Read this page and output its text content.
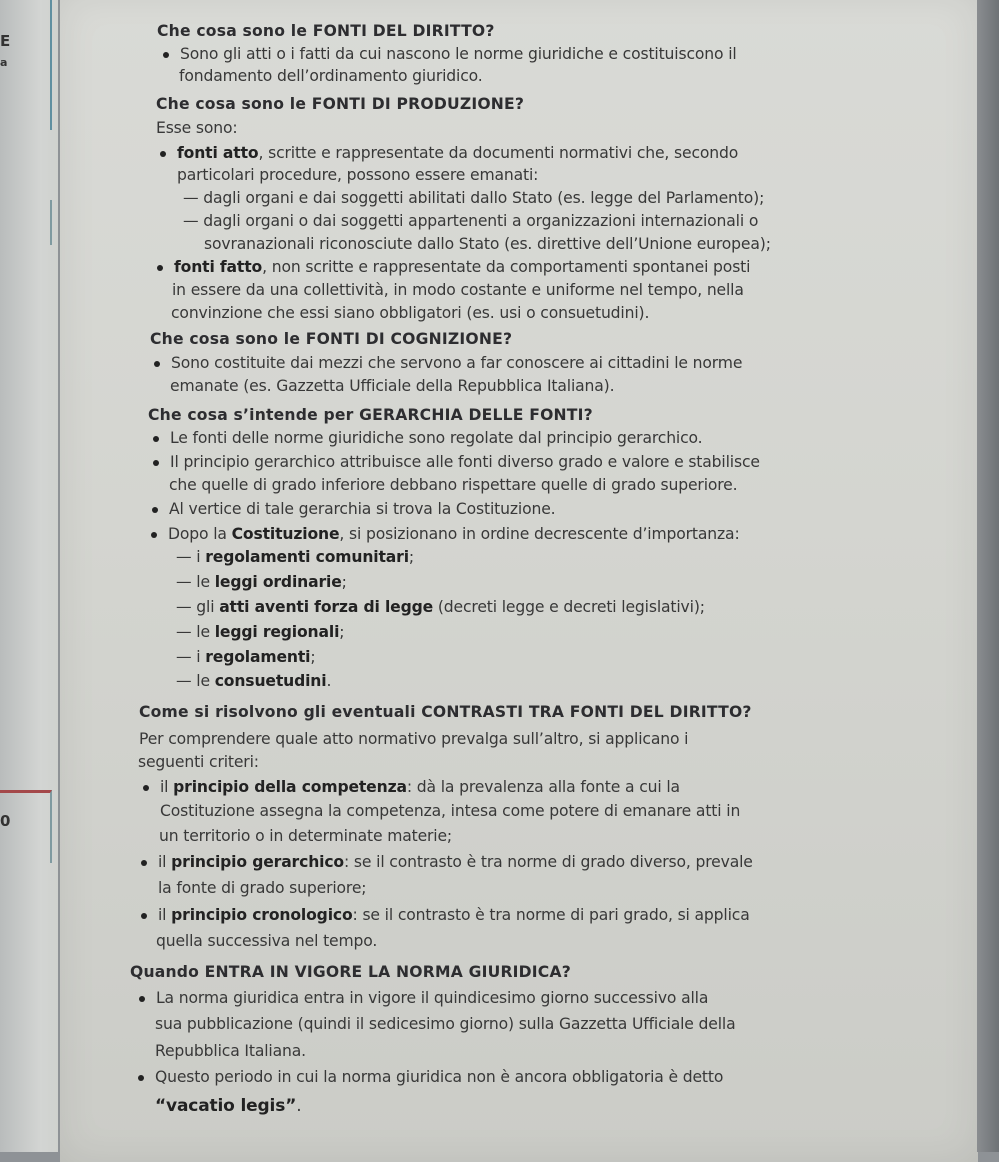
E
a
0
Che cosa sono le FONTI DEL DIRITTO?
Sono gli atti o i fatti da cui nascono le norme giuridiche e costituiscono il
fondamento dell’ordinamento giuridico.
Che cosa sono le FONTI DI PRODUZIONE?
Esse sono:
fonti atto, scritte e rappresentate da documenti normativi che, secondo
particolari procedure, possono essere emanati:
— dagli organi e dai soggetti abilitati dallo Stato (es. legge del Parlamento);
— dagli organi o dai soggetti appartenenti a organizzazioni internazionali o
sovranazionali riconosciute dallo Stato (es. direttive dell’Unione europea);
fonti fatto, non scritte e rappresentate da comportamenti spontanei posti
in essere da una collettività, in modo costante e uniforme nel tempo, nella
convinzione che essi siano obbligatori (es. usi o consuetudini).
Che cosa sono le FONTI DI COGNIZIONE?
Sono costituite dai mezzi che servono a far conoscere ai cittadini le norme
emanate (es. Gazzetta Ufficiale della Repubblica Italiana).
Che cosa s’intende per GERARCHIA DELLE FONTI?
Le fonti delle norme giuridiche sono regolate dal principio gerarchico.
Il principio gerarchico attribuisce alle fonti diverso grado e valore e stabilisce
che quelle di grado inferiore debbano rispettare quelle di grado superiore.
Al vertice di tale gerarchia si trova la Costituzione.
Dopo la Costituzione, si posizionano in ordine decrescente d’importanza:
— i regolamenti comunitari;
— le leggi ordinarie;
— gli atti aventi forza di legge (decreti legge e decreti legislativi);
— le leggi regionali;
— i regolamenti;
— le consuetudini.
Come si risolvono gli eventuali CONTRASTI TRA FONTI DEL DIRITTO?
Per comprendere quale atto normativo prevalga sull’altro, si applicano i
seguenti criteri:
il principio della competenza: dà la prevalenza alla fonte a cui la
Costituzione assegna la competenza, intesa come potere di emanare atti in
un territorio o in determinate materie;
il principio gerarchico: se il contrasto è tra norme di grado diverso, prevale
la fonte di grado superiore;
il principio cronologico: se il contrasto è tra norme di pari grado, si applica
quella successiva nel tempo.
Quando ENTRA IN VIGORE LA NORMA GIURIDICA?
La norma giuridica entra in vigore il quindicesimo giorno successivo alla
sua pubblicazione (quindi il sedicesimo giorno) sulla Gazzetta Ufficiale della
Repubblica Italiana.
Questo periodo in cui la norma giuridica non è ancora obbligatoria è detto
“vacatio legis”.
